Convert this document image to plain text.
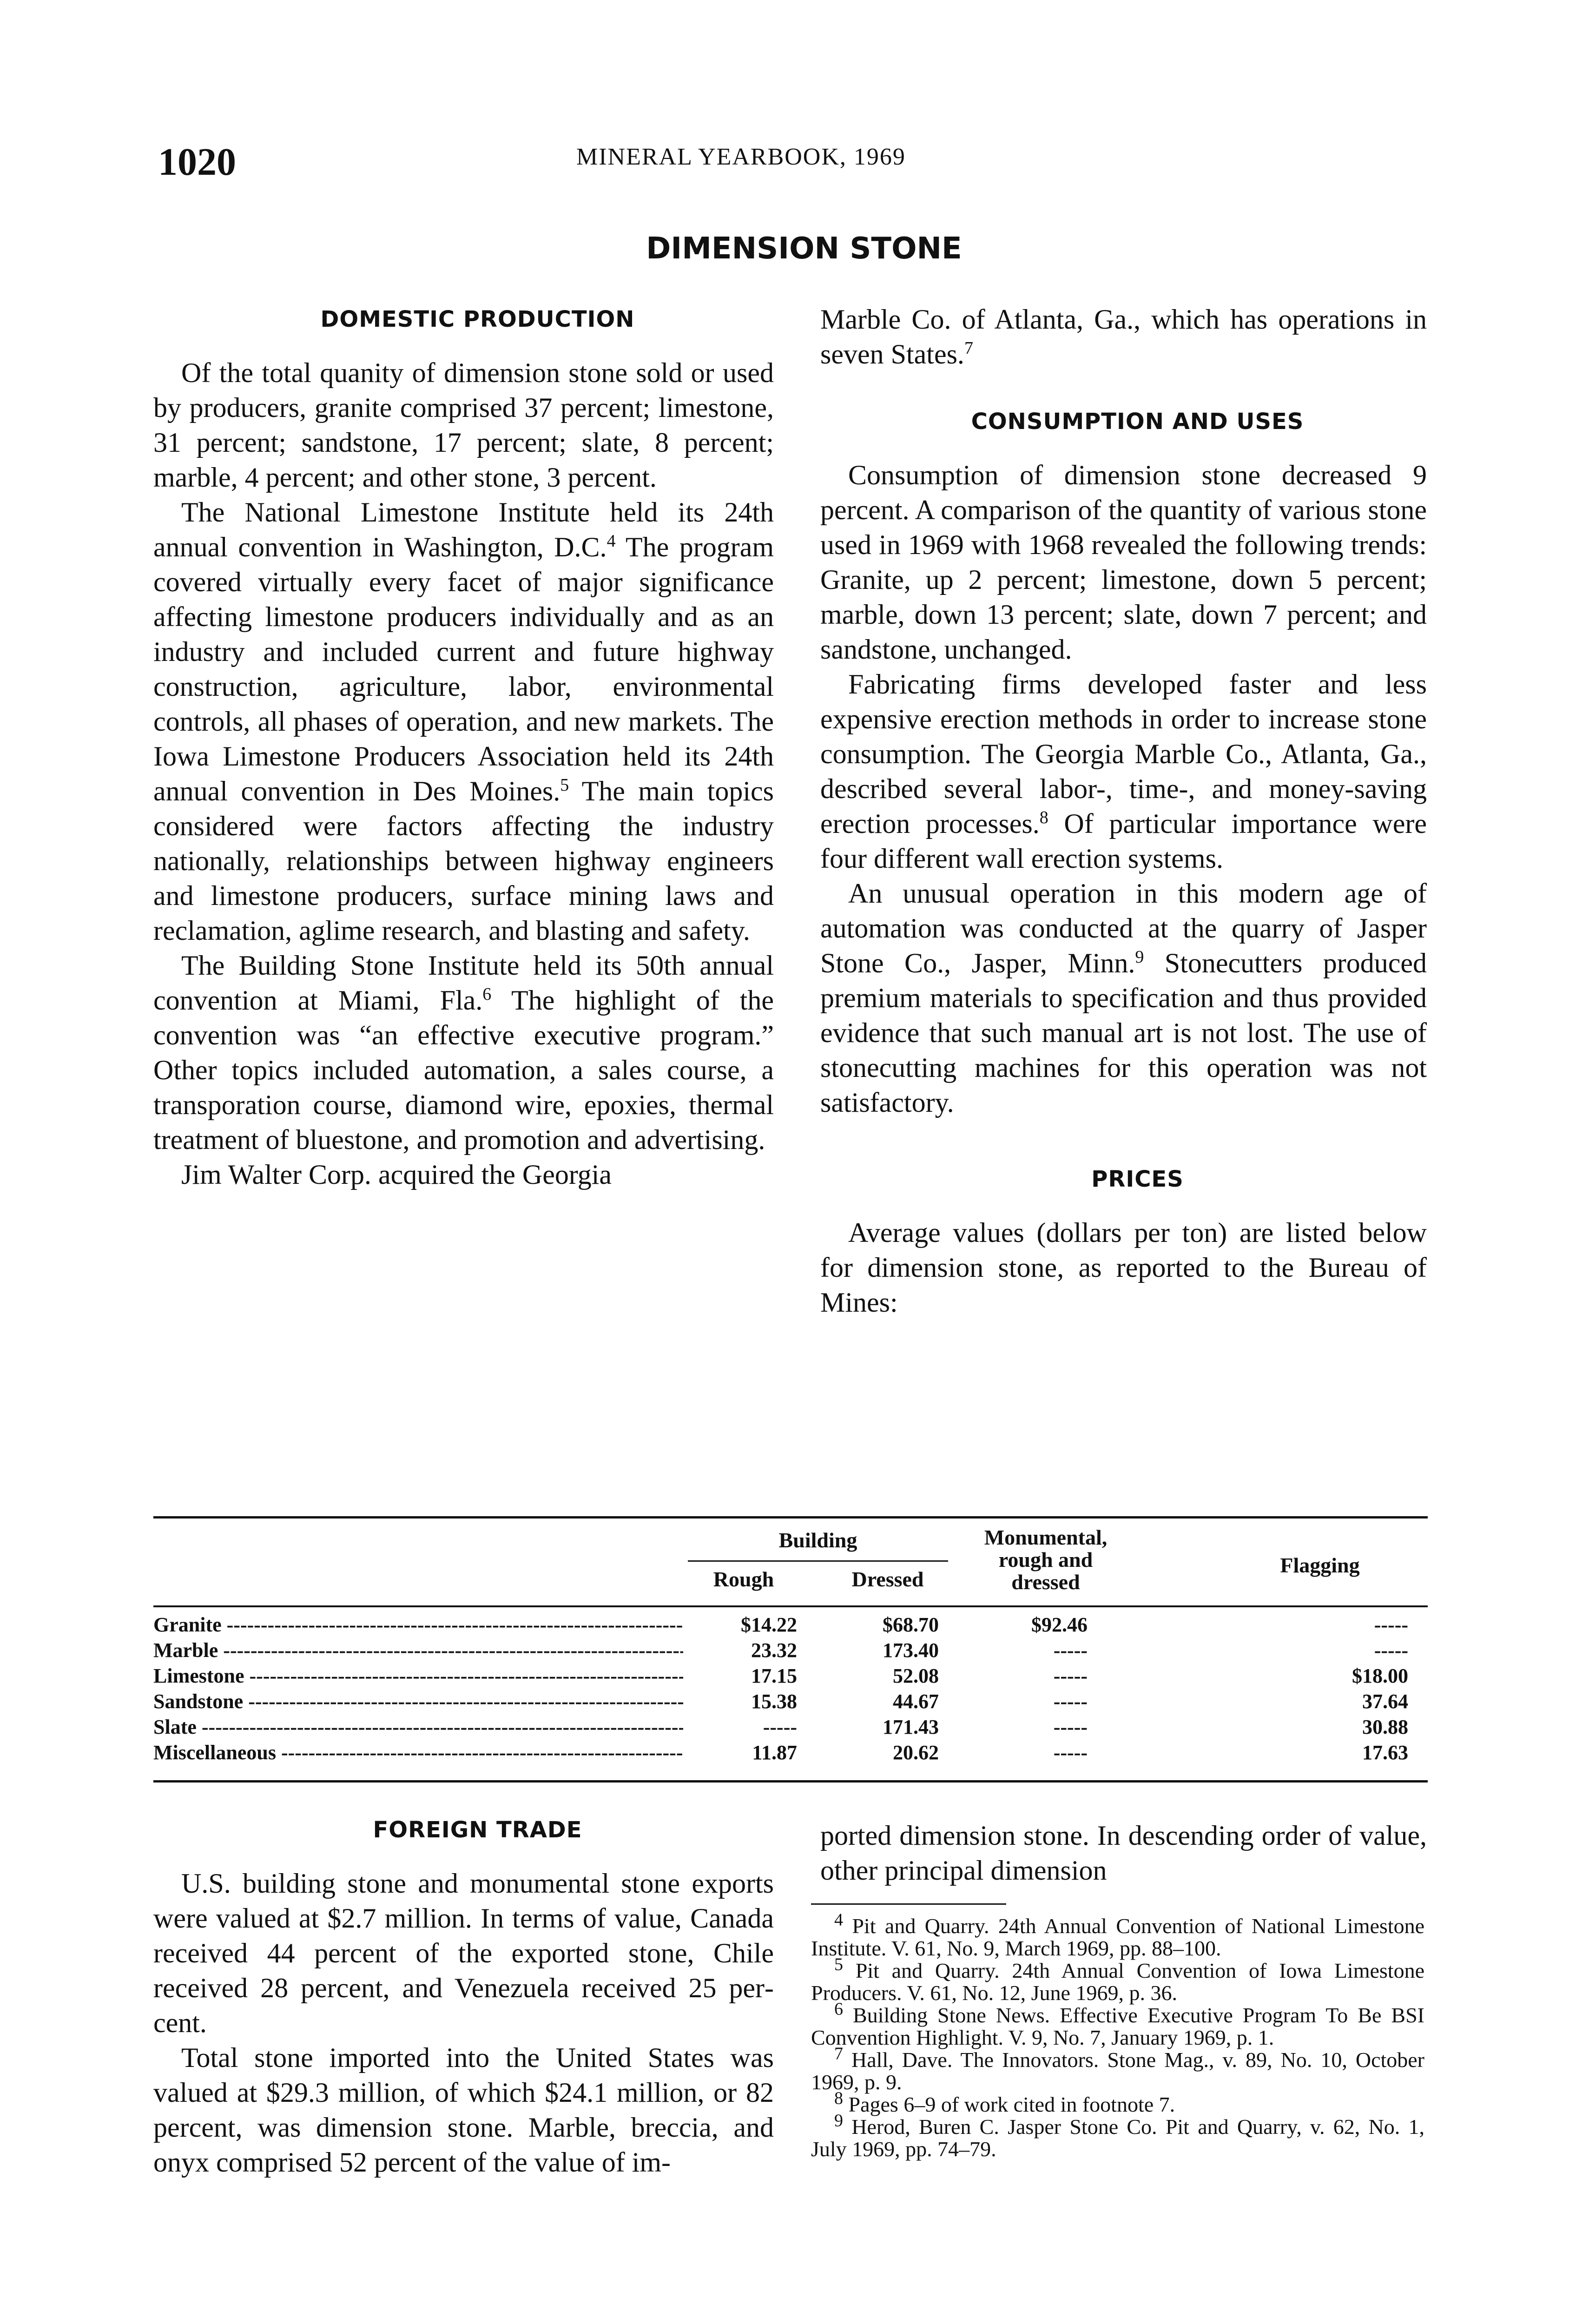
1020	MINERAL YEARBOOK, 1969
DIMENSION STONE

DOMESTIC PRODUCTION

Of the total quanity of dimension stone sold or used by producers, granite comprised 37 percent; limestone, 31 percent; sandstone, 17 percent; slate, 8 percent; marble, 4 percent; and other stone, 3 percent.

The National Limestone Institute held its 24th annual convention in Washington, D.C.$^4$ The program covered virtually every facet of major significance affecting limestone producers individually and as an industry and included current and future highway construction, agriculture, labor, environmental controls, all phases of operation, and new markets. The Iowa Limestone Producers Association held its 24th annual convention in Des Moines.$^5$ The main topics considered were factors affecting the industry nationally, relationships between highway engineers and limestone producers, surface mining laws and reclamation, aglime research, and blasting and safety.

The Building Stone Institute held its 50th annual convention at Miami, Fla.$^6$ The highlight of the convention was “an effective executive program.” Other topics included automation, a sales course, a transporation course, diamond wire, epoxies, thermal treatment of bluestone, and promotion and advertising.

Jim Walter Corp. acquired the Georgia

Marble Co. of Atlanta, Ga., which has operations in seven States.$^7$

CONSUMPTION AND USES

Consumption of dimension stone decreased 9 percent. A comparison of the quantity of various stone used in 1969 with 1968 revealed the following trends: Granite, up 2 percent; limestone, down 5 percent; marble, down 13 percent; slate, down 7 percent; and sandstone, unchanged.

Fabricating firms developed faster and less expensive erection methods in order to increase stone consumption. The Georgia Marble Co., Atlanta, Ga., described several labor-, time-, and money-saving erection processes.$^8$ Of particular importance were four different wall erection systems.

An unusual operation in this modern age of automation was conducted at the quarry of Jasper Stone Co., Jasper, Minn.$^9$ Stonecutters produced premium materials to specification and thus provided evidence that such manual art is not lost. The use of stonecutting machines for this operation was not satisfactory.

PRICES

Average values (dollars per ton) are listed below for dimension stone, as reported to the Bureau of Mines:

Building
Rough	Dressed
Monumental, rough and dressed
Flagging
Granite -----	$14.22	$68.70	$92.46	-----
Marble -----	23.32	173.40	-----	-----
Limestone -----	17.15	52.08	-----	$18.00
Sandstone -----	15.38	44.67	-----	37.64
Slate -----	-----	171.43	-----	30.88
Miscellaneous -----	11.87	20.62	-----	17.63

FOREIGN TRADE

U.S. building stone and monumental stone exports were valued at $2.7 million. In terms of value, Canada received 44 percent of the exported stone, Chile received 28 percent, and Venezuela received 25 percent.

Total stone imported into the United States was valued at $29.3 million, of which $24.1 million, or 82 percent, was dimension stone. Marble, breccia, and onyx comprised 52 percent of the value of im-

ported dimension stone. In descending order of value, other principal dimension

$^4$ Pit and Quarry. 24th Annual Convention of National Limestone Institute. V. 61, No. 9, March 1969, pp. 88–100.

$^5$ Pit and Quarry. 24th Annual Convention of Iowa Limestone Producers. V. 61, No. 12, June 1969, p. 36.

$^6$ Building Stone News. Effective Executive Program To Be BSI Convention Highlight. V. 9, No. 7, January 1969, p. 1.

$^7$ Hall, Dave. The Innovators. Stone Mag., v. 89, No. 10, October 1969, p. 9.

$^8$ Pages 6–9 of work cited in footnote 7.

$^9$ Herod, Buren C. Jasper Stone Co. Pit and Quarry, v. 62, No. 1, July 1969, pp. 74–79.
